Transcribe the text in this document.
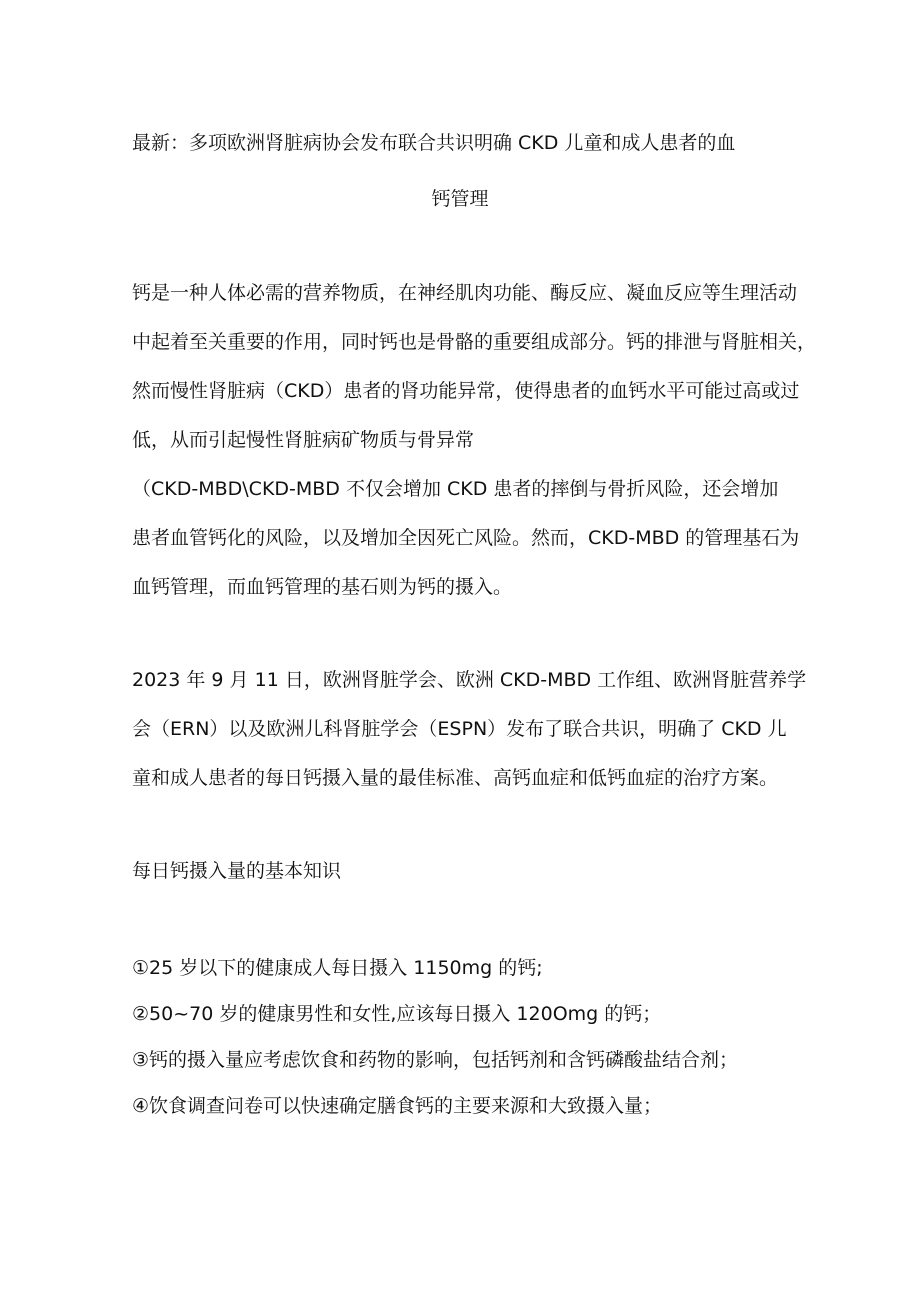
最新：多项欧洲肾脏病协会发布联合共识明确 CKD 儿童和成人患者的血
钙管理
钙是一种人体必需的营养物质，在神经肌肉功能、酶反应、凝血反应等生理活动
中起着至关重要的作用，同时钙也是骨骼的重要组成部分。钙的排泄与肾脏相关，
然而慢性肾脏病（CKD）患者的肾功能异常，使得患者的血钙水平可能过高或过
低，从而引起慢性肾脏病矿物质与骨异常
（CKD-MBD\CKD-MBD 不仅会增加 CKD 患者的摔倒与骨折风险，还会增加
患者血管钙化的风险，以及增加全因死亡风险。然而，CKD-MBD 的管理基石为
血钙管理，而血钙管理的基石则为钙的摄入。
2023 年 9 月 11 日，欧洲肾脏学会、欧洲 CKD-MBD 工作组、欧洲肾脏营养学
会（ERN）以及欧洲儿科肾脏学会（ESPN）发布了联合共识，明确了 CKD 儿
童和成人患者的每日钙摄入量的最佳标准、高钙血症和低钙血症的治疗方案。
每日钙摄入量的基本知识
①25 岁以下的健康成人每日摄入 1150mg 的钙;
②50~70 岁的健康男性和女性,应该每日摄入 120Omg 的钙；
③钙的摄入量应考虑饮食和药物的影响，包括钙剂和含钙磷酸盐结合剂；
④饮食调查问卷可以快速确定膳食钙的主要来源和大致摄入量；
